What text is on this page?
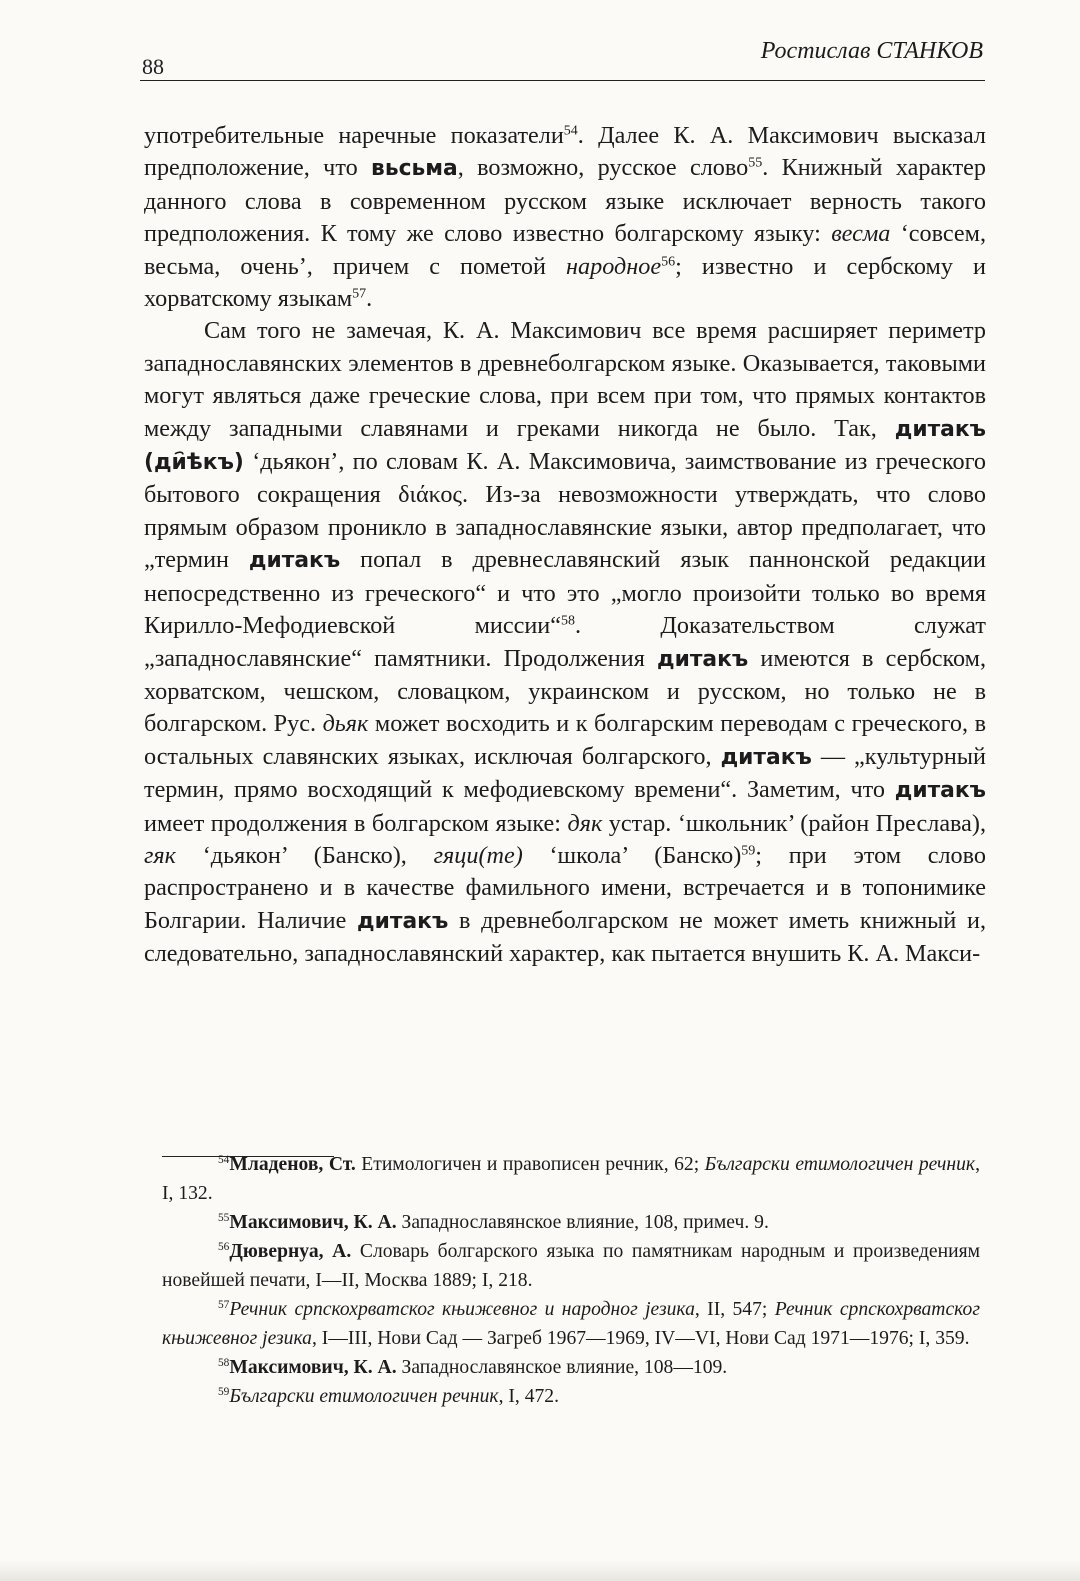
88
Ростислав СТАНКОВ

употребительные наречные показатели$^{54}$. Далее К. А. Максимович высказал предположение, что вьсьма, возможно, русское слово$^{55}$. Книжный характер данного слова в современном русском языке исключает верность такого предположения. К тому же слово известно болгарскому языку: весма ‘совсем, весьма, очень’, причем с пометой народное$^{56}$; известно и сербскому и хорватскому языкам$^{57}$.

Сам того не замечая, К. А. Максимович все время расширяет периметр западнославянских элементов в древнеболгарском языке. Оказывается, таковыми могут являться даже греческие слова, при всем при том, что прямых контактов между западными славянами и греками никогда не было. Так, дитакъ (ди҄ѣкъ) ‘дьякон’, по словам К. А. Максимовича, заимствование из греческого бытового сокращения διάκος. Из-за невозможности утверждать, что слово прямым образом проникло в западнославянские языки, автор предполагает, что „термин дитакъ попал в древнеславянский язык паннонской редакции непосредственно из греческого“ и что это „могло произойти только во время Кирилло-Мефодиевской миссии“$^{58}$. Доказательством служат „западнославянские“ памятники. Продолжения дитакъ имеются в сербском, хорватском, чешском, словацком, украинском и русском, но только не в болгарском. Рус. дьяк может восходить и к болгарским переводам с греческого, в остальных славянских языках, исключая болгарского, дитакъ — „культурный термин, прямо восходящий к мефодиевскому времени“. Заметим, что дитакъ имеет продолжения в болгарском языке: дяк устар. ‘школьник’ (район Преслава), гяк ‘дьякон’ (Банско), гяци(те) ‘школа’ (Банско)$^{59}$; при этом слово распространено и в качестве фамильного имени, встречается и в топонимике Болгарии. Наличие дитакъ в древнеболгарском не может иметь книжный и, следовательно, западнославянский характер, как пытается внушить К. А. Макси-

$^{54}$Младенов, Ст. Етимологичен и правописен речник, 62; Български етимологичен речник, I, 132.

$^{55}$Максимович, К. А. Западнославянское влияние, 108, примеч. 9.

$^{56}$Дювернуа, А. Словарь болгарского языка по памятникам народным и произведениям новейшей печати, I—II, Москва 1889; I, 218.

$^{57}$Речник српскохрватског књижевног и народног језика, II, 547; Речник српскохрватског књижевног језика, I—III, Нови Сад — Загреб 1967—1969, IV—VI, Нови Сад 1971—1976; I, 359.

$^{58}$Максимович, К. А. Западнославянское влияние, 108—109.

$^{59}$Български етимологичен речник, I, 472.
